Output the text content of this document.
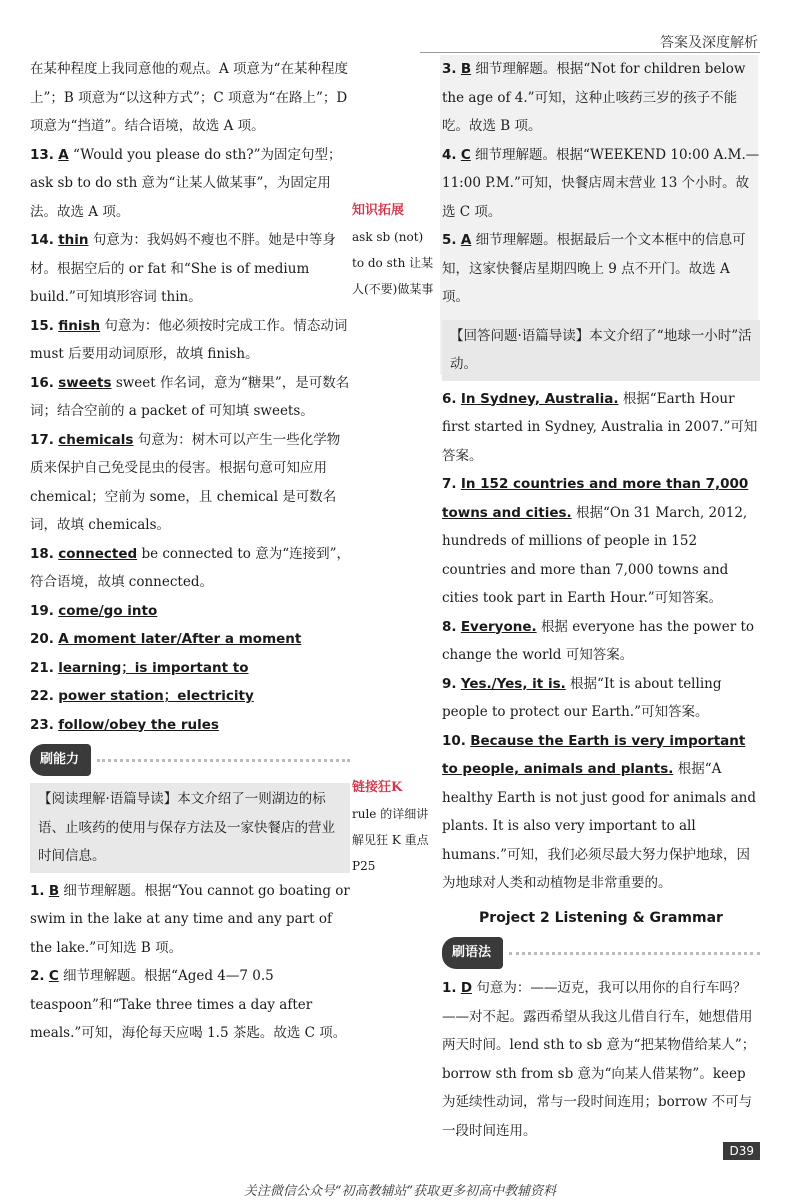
答案及深度解析
在某种程度上我同意他的观点。A 项意为“在某种程度上”；B 项意为“以这种方式”；C 项意为“在路上”；D 项意为“挡道”。结合语境，故选 A 项。
13. A “Would you please do sth?”为固定句型；ask sb to do sth 意为“让某人做某事”，为固定用法。故选 A 项。
14. thin 句意为：我妈妈不瘦也不胖。她是中等身材。根据空后的 or fat 和“She is of medium build.”可知填形容词 thin。
15. finish 句意为：他必须按时完成工作。情态动词 must 后要用动词原形，故填 finish。
16. sweets sweet 作名词，意为“糖果”，是可数名词；结合空前的 a packet of 可知填 sweets。
17. chemicals 句意为：树木可以产生一些化学物质来保护自己免受昆虫的侵害。根据句意可知应用 chemical；空前为 some，且 chemical 是可数名词，故填 chemicals。
18. connected be connected to 意为“连接到”，符合语境，故填 connected。
19. come/go into
20. A moment later/After a moment
21. learning；is important to
22. power station；electricity
23. follow/obey the rules
刷能力
【阅读理解·语篇导读】本文介绍了一则湖边的标语、止咳药的使用与保存方法及一家快餐店的营业时间信息。
1. B 细节理解题。根据“You cannot go boating or swim in the lake at any time and any part of the lake.”可知选 B 项。
2. C 细节理解题。根据“Aged 4—7 0.5 teaspoon”和“Take three times a day after meals.”可知，海伦每天应喝 1.5 茶匙。故选 C 项。
知识拓展
ask sb (not) to do sth 让某人(不要)做某事
链接狂K
rule 的详细讲解见狂 K 重点 P25
3. B 细节理解题。根据“Not for children below the age of 4.”可知，这种止咳药三岁的孩子不能吃。故选 B 项。
4. C 细节理解题。根据“WEEKEND 10:00 A.M.—11:00 P.M.”可知，快餐店周末营业 13 个小时。故选 C 项。
5. A 细节理解题。根据最后一个文本框中的信息可知，这家快餐店星期四晚上 9 点不开门。故选 A 项。
【回答问题·语篇导读】本文介绍了“地球一小时”活动。
6. In Sydney, Australia. 根据“Earth Hour first started in Sydney, Australia in 2007.”可知答案。
7. In 152 countries and more than 7,000 towns and cities. 根据“On 31 March, 2012, hundreds of millions of people in 152 countries and more than 7,000 towns and cities took part in Earth Hour.”可知答案。
8. Everyone. 根据 everyone has the power to change the world 可知答案。
9. Yes./Yes, it is. 根据“It is about telling people to protect our Earth.”可知答案。
10. Because the Earth is very important to people, animals and plants. 根据“A healthy Earth is not just good for animals and plants. It is also very important to all humans.”可知，我们必须尽最大努力保护地球，因为地球对人类和动植物是非常重要的。
Project 2 Listening & Grammar
刷语法
1. D 句意为：——迈克，我可以用你的自行车吗？——对不起。露西希望从我这儿借自行车，她想借用两天时间。lend sth to sb 意为“把某物借给某人”；borrow sth from sb 意为“向某人借某物”。keep 为延续性动词，常与一段时间连用；borrow 不可与一段时间连用。
D39
关注微信公众号“初高教辅站”获取更多初高中教辅资料
